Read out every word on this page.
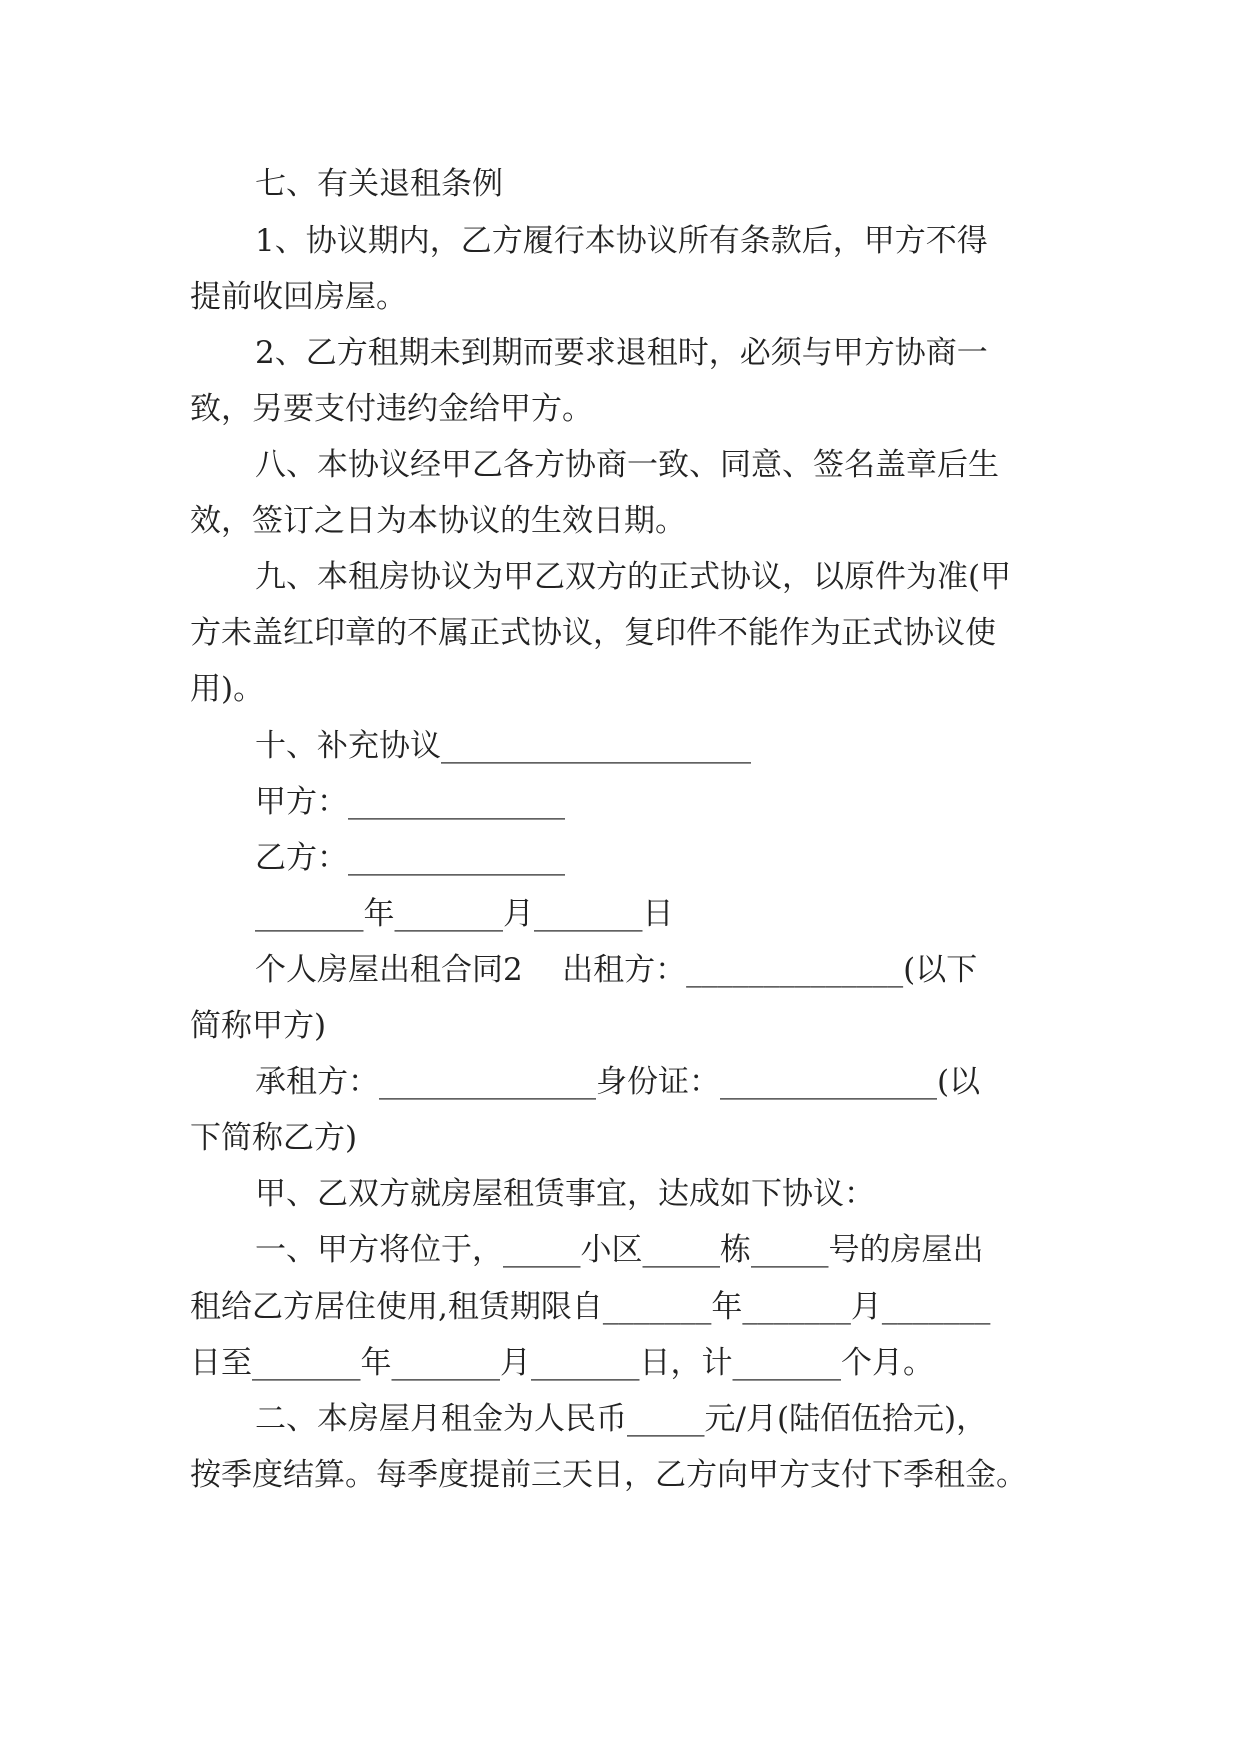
七、有关退租条例
1、协议期内，乙方履行本协议所有条款后，甲方不得
提前收回房屋。
2、乙方租期未到期而要求退租时，必须与甲方协商一
致，另要支付违约金给甲方。
八、本协议经甲乙各方协商一致、同意、签名盖章后生
效，签订之日为本协议的生效日期。
九、本租房协议为甲乙双方的正式协议，以原件为准(甲
方未盖红印章的不属正式协议，复印件不能作为正式协议使
用)。
十、补充协议____________________
甲方：______________
乙方：______________
_______年_______月_______日
个人房屋出租合同2    出租方：______________(以下
简称甲方)
承租方：______________身份证：______________(以
下简称乙方)
甲、乙双方就房屋租赁事宜，达成如下协议：
一、甲方将位于，_____小区_____栋_____号的房屋出
租给乙方居住使用,租赁期限自_______年_______月_______
日至_______年_______月_______日，计_______个月。
二、本房屋月租金为人民币_____元/月(陆佰伍拾元)，
按季度结算。每季度提前三天日，乙方向甲方支付下季租金。
